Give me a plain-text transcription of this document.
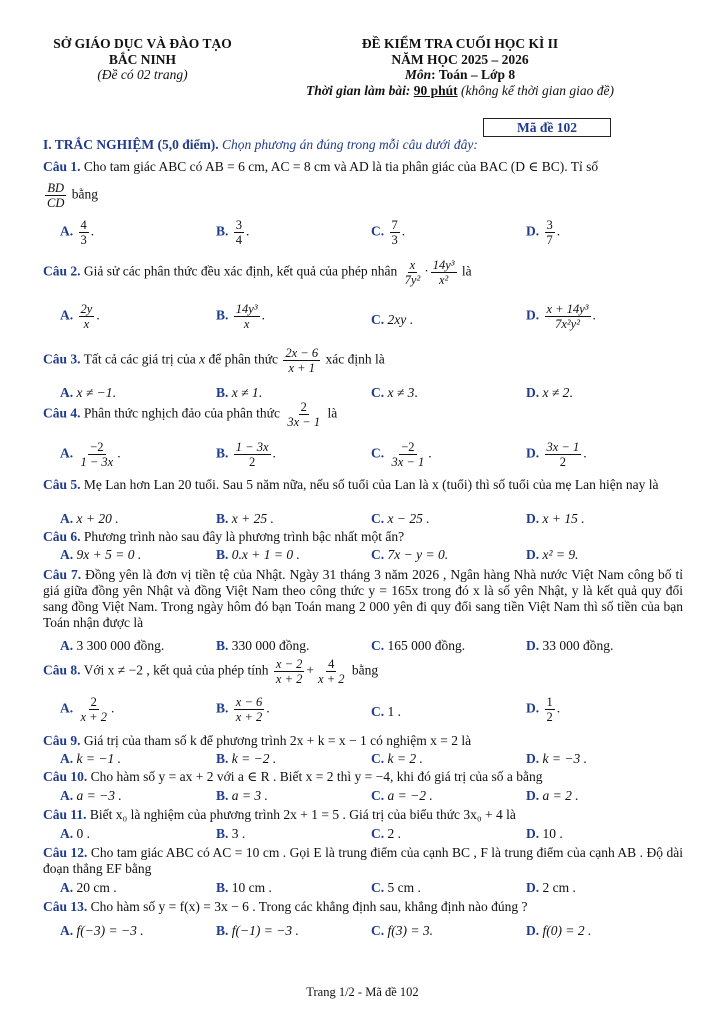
SỞ GIÁO DỤC VÀ ĐÀO TẠO
BẮC NINH
(Đề có 02 trang)
ĐỀ KIỂM TRA CUỐI HỌC KÌ II
NĂM HỌC 2025 – 2026
Môn: Toán – Lớp 8
Thời gian làm bài: 90 phút (không kể thời gian giao đề)
Mã đề 102
I. TRẮC NGHIỆM (5,0 điểm). Chọn phương án đúng trong mỗi câu dưới đây:
Câu 1. Cho tam giác ABC có AB = 6 cm, AC = 8 cm và AD là tia phân giác của BAC (D ∈ BC). Tỉ số
$\frac{BD}{CD}$ bằng
A. $\frac{4}{3}$ .	B. $\frac{3}{4}$ .	C. $\frac{7}{3}$ .	D. $\frac{3}{7}$ .
Câu 2. Giả sử các phân thức đều xác định, kết quả của phép nhân $\frac{x}{\text{7y²}} \cdot \frac{\text{14y³}}{\text{x²}}$ là
A. $\frac{2y}{x}$ .	B. $\frac{\text{14y³}}{x}$ .	C. 2xy .	D. $\frac{\text{x + 14y³}}{\text{7x²y²}}$ .
Câu 3. Tất cả các giá trị của x để phân thức $\frac{2x - 6}{x + 1}$ xác định là
A. x ≠ −1.	B. x ≠ 1.	C. x ≠ 3.	D. x ≠ 2.
Câu 4. Phân thức nghịch đảo của phân thức $\frac{2}{3x - 1}$ là
A. $\frac{-2}{1 - 3x}$ .	B. $\frac{1 - 3x}{2}$ .	C. $\frac{-2}{3x - 1}$ .	D. $\frac{3x - 1}{2}$ .
Câu 5. Mẹ Lan hơn Lan 20 tuổi. Sau 5 năm nữa, nếu số tuổi của Lan là x (tuổi) thì số tuổi của mẹ Lan hiện nay là
A. x + 20 .	B. x + 25 .	C. x − 25 .	D. x + 15 .
Câu 6. Phương trình nào sau đây là phương trình bậc nhất một ẩn?
A. 9x + 5 = 0 .	B. 0.x + 1 = 0 .	C. 7x − y = 0.	D. x² = 9.
Câu 7. Đồng yên là đơn vị tiền tệ của Nhật. Ngày 31 tháng 3 năm 2026 , Ngân hàng Nhà nước Việt Nam công bố tỉ giá giữa đồng yên Nhật và đồng Việt Nam theo công thức y = 165x trong đó x là số yên Nhật, y là kết quả quy đổi sang đồng Việt Nam. Trong ngày hôm đó bạn Toán mang 2 000 yên đi quy đổi sang tiền Việt Nam thì số tiền của bạn Toán nhận được là
A. 3 300 000 đồng.	B. 330 000 đồng.	C. 165 000 đồng.	D. 33 000 đồng.
Câu 8. Với x ≠ −2 , kết quả của phép tính $\frac{x - 2}{x + 2} + \frac{4}{x + 2}$ bằng
A. $\frac{2}{x + 2}$ .	B. $\frac{x - 6}{x + 2}$ .	C. 1 .	D. $\frac{1}{2}$ .
Câu 9. Giá trị của tham số k để phương trình 2x + k = x − 1 có nghiệm x = 2 là
A. k = −1 .	B. k = −2 .	C. k = 2 .	D. k = −3 .
Câu 10. Cho hàm số y = ax + 2 với a ∈ R . Biết x = 2 thì y = −4, khi đó giá trị của số a bằng
A. a = −3 .	B. a = 3 .	C. a = −2 .	D. a = 2 .
Câu 11. Biết x₀ là nghiệm của phương trình 2x + 1 = 5 . Giá trị của biểu thức 3x₀ + 4 là
A. 0 .	B. 3 .	C. 2 .	D. 10 .
Câu 12. Cho tam giác ABC có AC = 10 cm . Gọi E là trung điểm của cạnh BC , F là trung điểm của cạnh AB . Độ dài đoạn thẳng EF bằng
A. 20 cm .	B. 10 cm .	C. 5 cm .	D. 2 cm .
Câu 13. Cho hàm số y = f(x) = 3x − 6 . Trong các khẳng định sau, khẳng định nào đúng ?
A. f(−3) = −3 .	B. f(−1) = −3 .	C. f(3) = 3.	D. f(0) = 2 .
Trang 1/2 - Mã đề 102
